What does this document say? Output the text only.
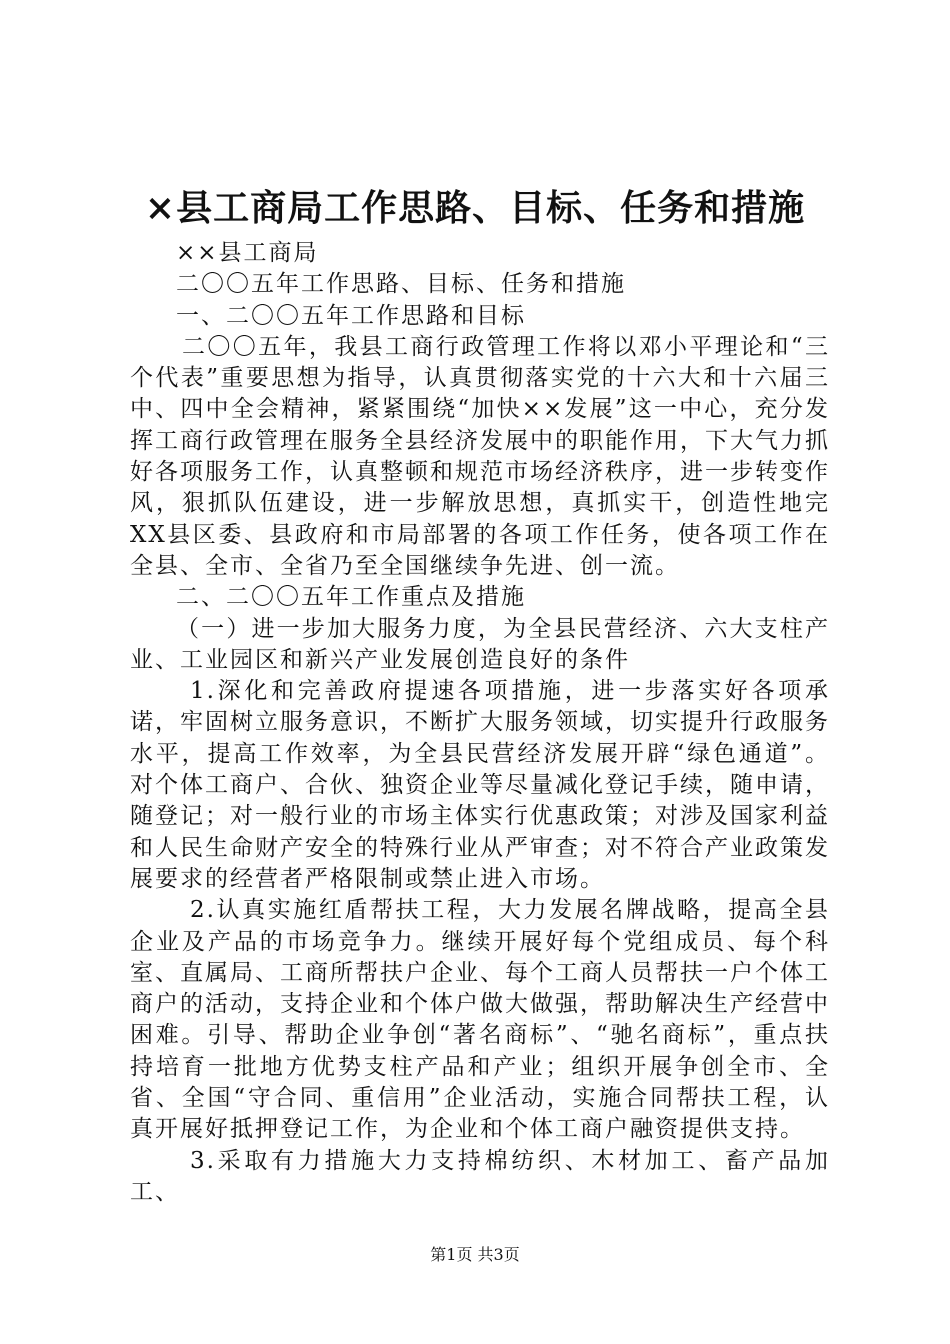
×县工商局工作思路、目标、任务和措施

××县工商局

二〇〇五年工作思路、目标、任务和措施

一、二〇〇五年工作思路和目标

二〇〇五年，我县工商行政管理工作将以邓小平理论和“三个代表”重要思想为指导，认真贯彻落实党的十六大和十六届三中、四中全会精神，紧紧围绕“加快××发展”这一中心，充分发挥工商行政管理在服务全县经济发展中的职能作用，下大气力抓好各项服务工作，认真整顿和规范市场经济秩序，进一步转变作风，狠抓队伍建设，进一步解放思想，真抓实干，创造性地完XX县区委、县政府和市局部署的各项工作任务，使各项工作在全县、全市、全省乃至全国继续争先进、创一流。

二、二〇〇五年工作重点及措施

（一）进一步加大服务力度，为全县民营经济、六大支柱产业、工业园区和新兴产业发展创造良好的条件

1.深化和完善政府提速各项措施，进一步落实好各项承诺，牢固树立服务意识，不断扩大服务领域，切实提升行政服务水平，提高工作效率，为全县民营经济发展开辟“绿色通道”。对个体工商户、合伙、独资企业等尽量减化登记手续，随申请，随登记；对一般行业的市场主体实行优惠政策；对涉及国家利益和人民生命财产安全的特殊行业从严审查；对不符合产业政策发展要求的经营者严格限制或禁止进入市场。

2.认真实施红盾帮扶工程，大力发展名牌战略，提高全县企业及产品的市场竞争力。继续开展好每个党组成员、每个科室、直属局、工商所帮扶户企业、每个工商人员帮扶一户个体工商户的活动，支持企业和个体户做大做强，帮助解决生产经营中困难。引导、帮助企业争创“著名商标”、“驰名商标”，重点扶持培育一批地方优势支柱产品和产业；组织开展争创全市、全省、全国“守合同、重信用”企业活动，实施合同帮扶工程，认真开展好抵押登记工作，为企业和个体工商户融资提供支持。

3.采取有力措施大力支持棉纺织、木材加工、畜产品加工、

第1页 共3页
